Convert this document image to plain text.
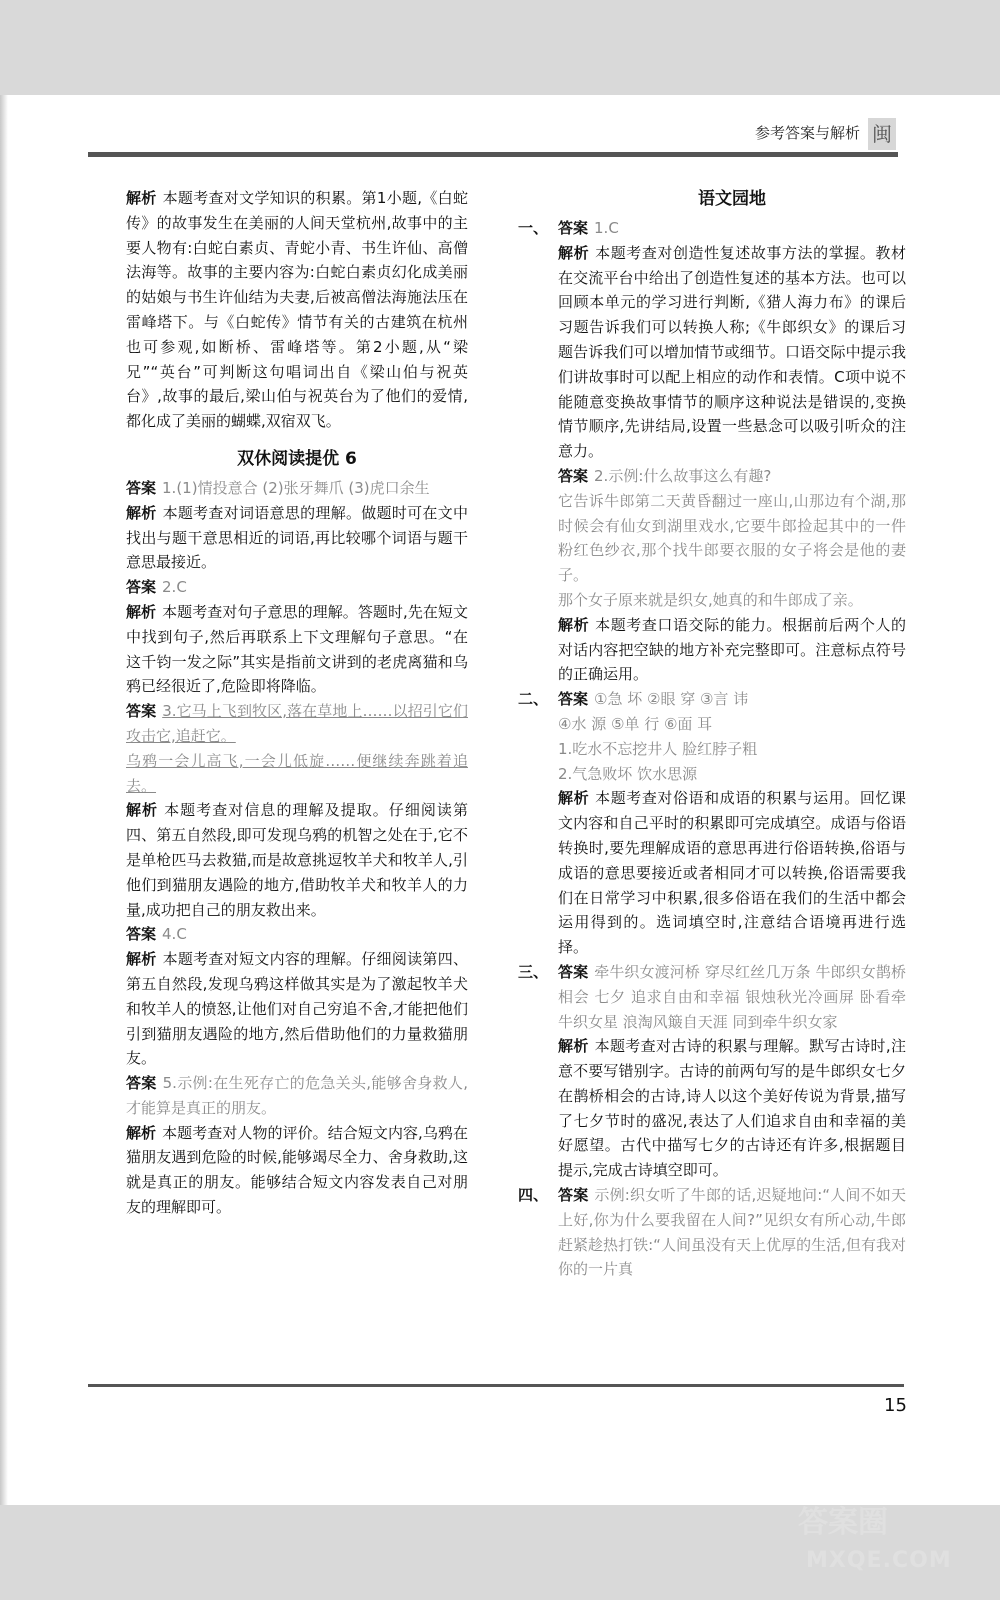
参考答案与解析 闽

解析 本题考查对文学知识的积累。第1小题,《白蛇传》的故事发生在美丽的人间天堂杭州,故事中的主要人物有:白蛇白素贞、青蛇小青、书生许仙、高僧法海等。故事的主要内容为:白蛇白素贞幻化成美丽的姑娘与书生许仙结为夫妻,后被高僧法海施法压在雷峰塔下。与《白蛇传》情节有关的古建筑在杭州也可参观,如断桥、雷峰塔等。第2小题,从“梁兄”“英台”可判断这句唱词出自《梁山伯与祝英台》,故事的最后,梁山伯与祝英台为了他们的爱情,都化成了美丽的蝴蝶,双宿双飞。

双休阅读提优 6

答案 1.(1)情投意合 (2)张牙舞爪 (3)虎口余生

解析 本题考查对词语意思的理解。做题时可在文中找出与题干意思相近的词语,再比较哪个词语与题干意思最接近。

答案 2.C

解析 本题考查对句子意思的理解。答题时,先在短文中找到句子,然后再联系上下文理解句子意思。“在这千钧一发之际”其实是指前文讲到的老虎离猫和乌鸦已经很近了,危险即将降临。

答案 3.它马上飞到牧区,落在草地上……以招引它们攻击它,追赶它。

乌鸦一会儿高飞,一会儿低旋……便继续奔跳着追去。

解析 本题考查对信息的理解及提取。仔细阅读第四、第五自然段,即可发现乌鸦的机智之处在于,它不是单枪匹马去救猫,而是故意挑逗牧羊犬和牧羊人,引他们到猫朋友遇险的地方,借助牧羊犬和牧羊人的力量,成功把自己的朋友救出来。

答案 4.C

解析 本题考查对短文内容的理解。仔细阅读第四、第五自然段,发现乌鸦这样做其实是为了激起牧羊犬和牧羊人的愤怒,让他们对自己穷追不舍,才能把他们引到猫朋友遇险的地方,然后借助他们的力量救猫朋友。

答案 5.示例:在生死存亡的危急关头,能够舍身救人,才能算是真正的朋友。

解析 本题考查对人物的评价。结合短文内容,乌鸦在猫朋友遇到危险的时候,能够竭尽全力、舍身救助,这就是真正的朋友。能够结合短文内容发表自己对朋友的理解即可。

语文园地
一、 答案 1.C

解析 本题考查对创造性复述故事方法的掌握。教材在交流平台中给出了创造性复述的基本方法。也可以回顾本单元的学习进行判断,《猎人海力布》的课后习题告诉我们可以转换人称;《牛郎织女》的课后习题告诉我们可以增加情节或细节。口语交际中提示我们讲故事时可以配上相应的动作和表情。C项中说不能随意变换故事情节的顺序这种说法是错误的,变换情节顺序,先讲结局,设置一些悬念可以吸引听众的注意力。

答案 2.示例:什么故事这么有趣?

它告诉牛郎第二天黄昏翻过一座山,山那边有个湖,那时候会有仙女到湖里戏水,它要牛郎捡起其中的一件粉红色纱衣,那个找牛郎要衣服的女子将会是他的妻子。

那个女子原来就是织女,她真的和牛郎成了亲。

解析 本题考查口语交际的能力。根据前后两个人的对话内容把空缺的地方补充完整即可。注意标点符号的正确运用。

二、 答案 ①急 坏 ②眼 穿 ③言 讳

④水 源 ⑤单 行 ⑥面 耳

1.吃水不忘挖井人 脸红脖子粗

2.气急败坏 饮水思源

解析 本题考查对俗语和成语的积累与运用。回忆课文内容和自己平时的积累即可完成填空。成语与俗语转换时,要先理解成语的意思再进行俗语转换,俗语与成语的意思要接近或者相同才可以转换,俗语需要我们在日常学习中积累,很多俗语在我们的生活中都会运用得到的。选词填空时,注意结合语境再进行选择。

三、 答案 牵牛织女渡河桥 穿尽红丝几万条 牛郎织女鹊桥相会 七夕 追求自由和幸福 银烛秋光冷画屏 卧看牵牛织女星 浪淘风簸自天涯 同到牵牛织女家

解析 本题考查对古诗的积累与理解。默写古诗时,注意不要写错别字。古诗的前两句写的是牛郎织女七夕在鹊桥相会的古诗,诗人以这个美好传说为背景,描写了七夕节时的盛况,表达了人们追求自由和幸福的美好愿望。古代中描写七夕的古诗还有许多,根据题目提示,完成古诗填空即可。

四、 答案 示例:织女听了牛郎的话,迟疑地问:“人间不如天上好,你为什么要我留在人间?”见织女有所心动,牛郎赶紧趁热打铁:“人间虽没有天上优厚的生活,但有我对你的一片真

15
答案圈
MXQE.COM
